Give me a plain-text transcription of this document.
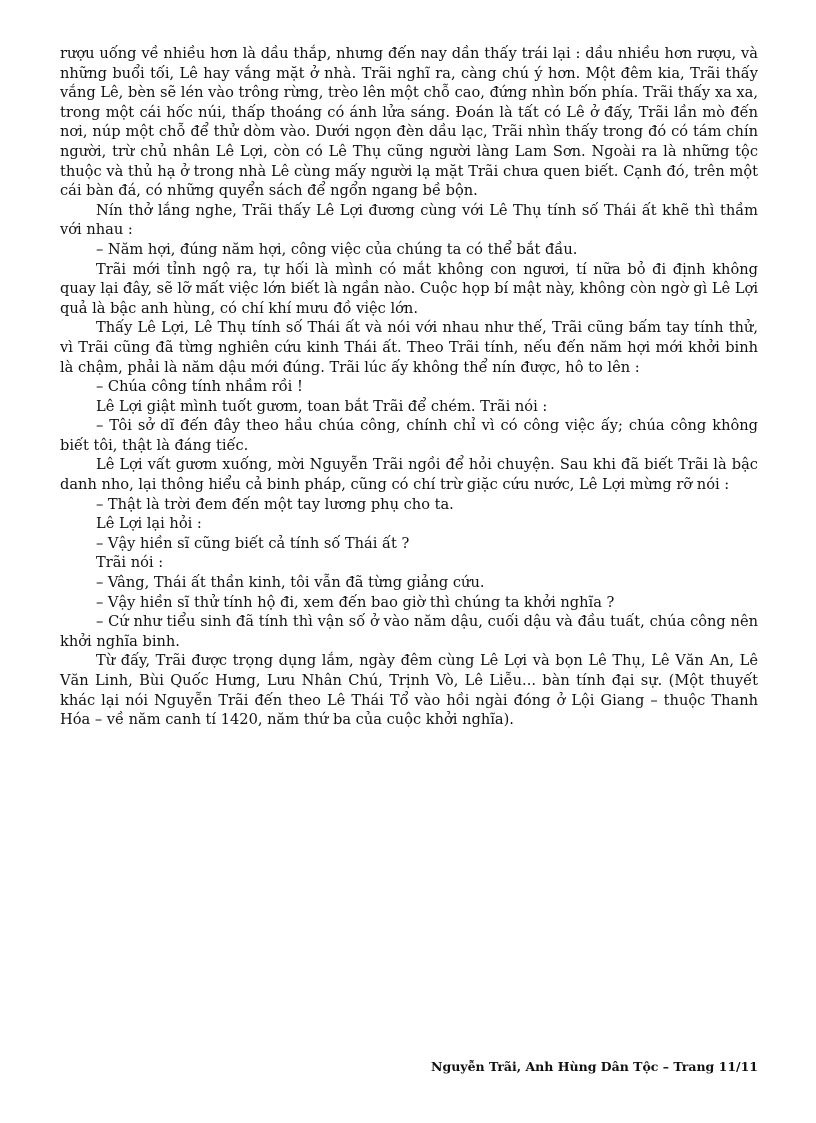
rượu uống về nhiều hơn là dầu thắp, nhưng đến nay dần thấy trái lại : dầu nhiều hơn rượu, và những buổi tối, Lê hay vắng mặt ở nhà. Trãi nghĩ ra, càng chú ý hơn. Một đêm kia, Trãi thấy vắng Lê, bèn sẽ lén vào trông rừng, trèo lên một chỗ cao, đứng nhìn bốn phía. Trãi thấy xa xa, trong một cái hốc núi, thấp thoáng có ánh lửa sáng. Đoán là tất có Lê ở đấy, Trãi lần mò đến nơi, núp một chỗ để thử dòm vào. Dưới ngọn đèn dầu lạc, Trãi nhìn thấy trong đó có tám chín người, trừ chủ nhân Lê Lợi, còn có Lê Thụ cũng người làng Lam Sơn. Ngoài ra là những tộc thuộc và thủ hạ ở trong nhà Lê cùng mấy người lạ mặt Trãi chưa quen biết. Cạnh đó, trên một cái bàn đá, có những quyển sách để ngổn ngang bề bộn.

Nín thở lắng nghe, Trãi thấy Lê Lợi đương cùng với Lê Thụ tính số Thái ất khẽ thì thầm với nhau :

– Năm hợi, đúng năm hợi, công việc của chúng ta có thể bắt đầu.

Trãi mới tỉnh ngộ ra, tự hối là mình có mắt không con ngươi, tí nữa bỏ đi định không quay lại đây, sẽ lỡ mất việc lớn biết là ngần nào. Cuộc họp bí mật này, không còn ngờ gì Lê Lợi quả là bậc anh hùng, có chí khí mưu đồ việc lớn.

Thấy Lê Lợi, Lê Thụ tính số Thái ất và nói với nhau như thế, Trãi cũng bấm tay tính thử, vì Trãi cũng đã từng nghiên cứu kinh Thái ất. Theo Trãi tính, nếu đến năm hợi mới khởi binh là chậm, phải là năm dậu mới đúng. Trãi lúc ấy không thể nín được, hô to lên :

– Chúa công tính nhầm rồi !

Lê Lợi giật mình tuốt gươm, toan bắt Trãi để chém. Trãi nói :

– Tôi sở dĩ đến đây theo hầu chúa công, chính chỉ vì có công việc ấy; chúa công không biết tôi, thật là đáng tiếc.

Lê Lợi vất gươm xuống, mời Nguyễn Trãi ngồi để hỏi chuyện. Sau khi đã biết Trãi là bậc danh nho, lại thông hiểu cả binh pháp, cũng có chí trừ giặc cứu nước, Lê Lợi mừng rỡ nói :

– Thật là trời đem đến một tay lương phụ cho ta.

Lê Lợi lại hỏi :

– Vậy hiền sĩ cũng biết cả tính số Thái ất ?

Trãi nói :

– Vâng, Thái ất thần kinh, tôi vẫn đã từng giảng cứu.

– Vậy hiền sĩ thử tính hộ đi, xem đến bao giờ thì chúng ta khởi nghĩa ?

– Cứ như tiểu sinh đã tính thì vận số ở vào năm dậu, cuối dậu và đầu tuất, chúa công nên khởi nghĩa binh.

Từ đấy, Trãi được trọng dụng lắm, ngày đêm cùng Lê Lợi và bọn Lê Thụ, Lê Văn An, Lê Văn Linh, Bùi Quốc Hưng, Lưu Nhân Chú, Trịnh Vò, Lê Liễu... bàn tính đại sự. (Một thuyết khác lại nói Nguyễn Trãi đến theo Lê Thái Tổ vào hồi ngài đóng ở Lội Giang – thuộc Thanh Hóa – về năm canh tí 1420, năm thứ ba của cuộc khởi nghĩa).

Nguyễn Trãi, Anh Hùng Dân Tộc – Trang 11/11
